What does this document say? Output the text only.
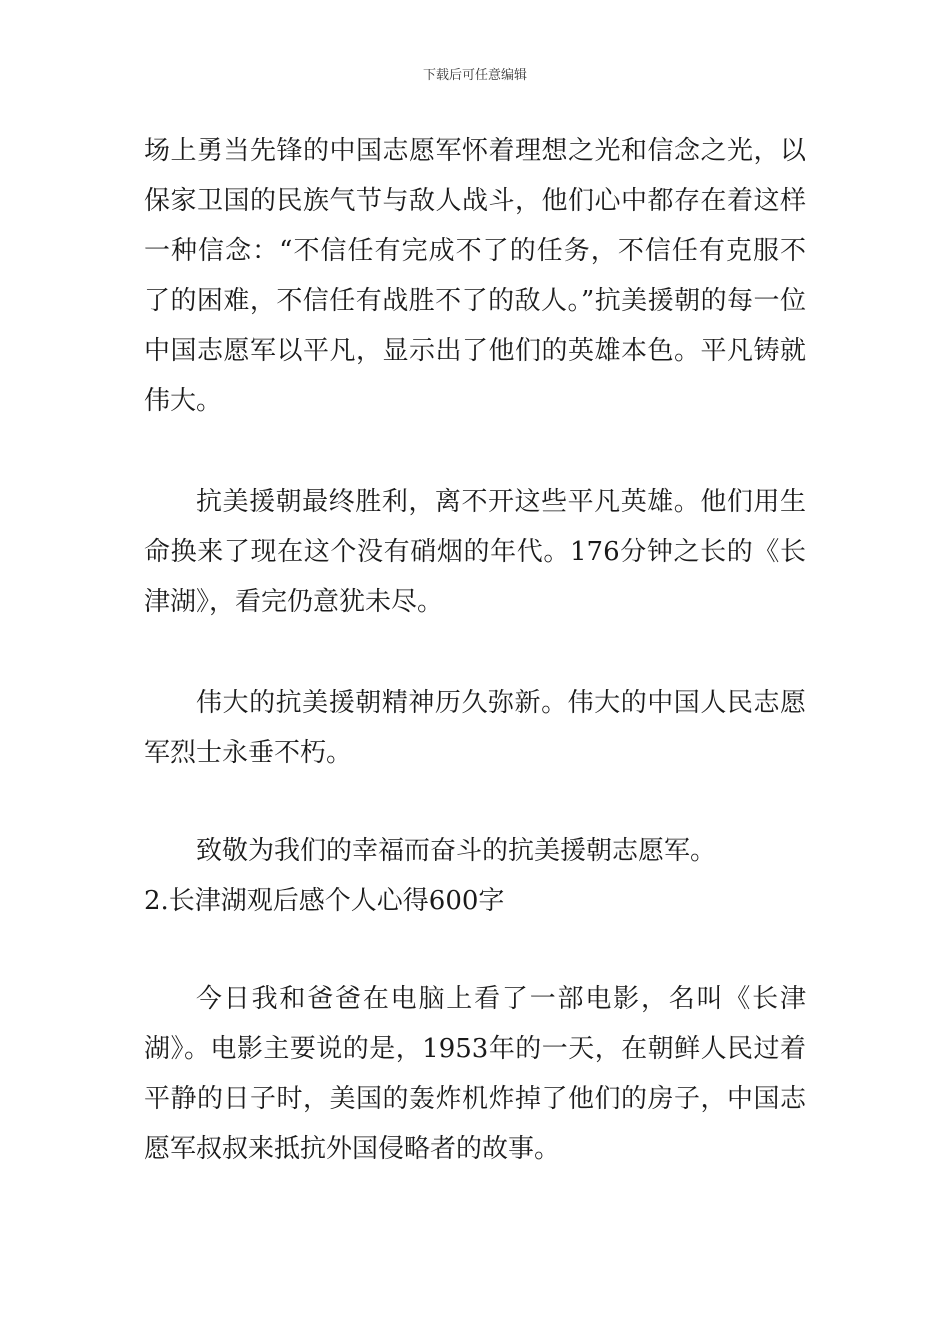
下载后可任意编辑

场上勇当先锋的中国志愿军怀着理想之光和信念之光，以保家卫国的民族气节与敌人战斗，他们心中都存在着这样一种信念：“不信任有完成不了的任务，不信任有克服不了的困难，不信任有战胜不了的敌人。”抗美援朝的每一位中国志愿军以平凡，显示出了他们的英雄本色。平凡铸就伟大。

抗美援朝最终胜利，离不开这些平凡英雄。他们用生命换来了现在这个没有硝烟的年代。176分钟之长的《长津湖》，看完仍意犹未尽。

伟大的抗美援朝精神历久弥新。伟大的中国人民志愿军烈士永垂不朽。

致敬为我们的幸福而奋斗的抗美援朝志愿军。

2.长津湖观后感个人心得600字

今日我和爸爸在电脑上看了一部电影，名叫《长津湖》。电影主要说的是，1953年的一天，在朝鲜人民过着平静的日子时，美国的轰炸机炸掉了他们的房子，中国志愿军叔叔来抵抗外国侵略者的故事。
